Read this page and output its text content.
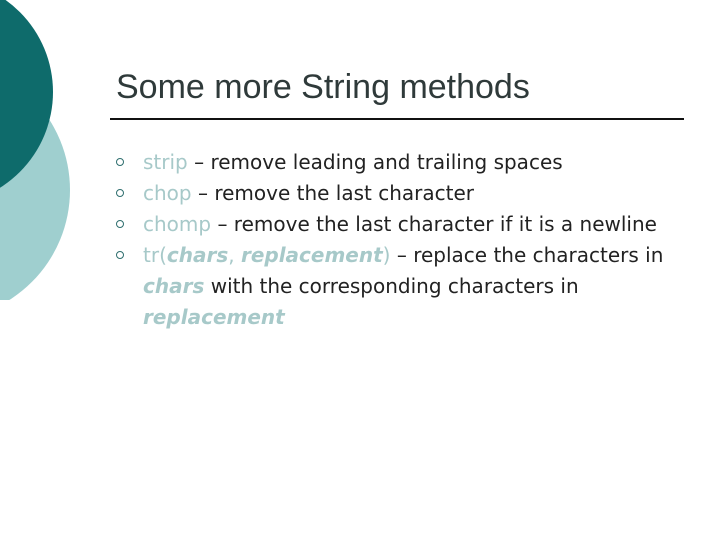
Some more String methods
strip – remove leading and trailing spaces
chop – remove the last character
chomp – remove the last character if it is a newline
tr(chars, replacement) – replace the characters in chars with the corresponding characters in replacement
